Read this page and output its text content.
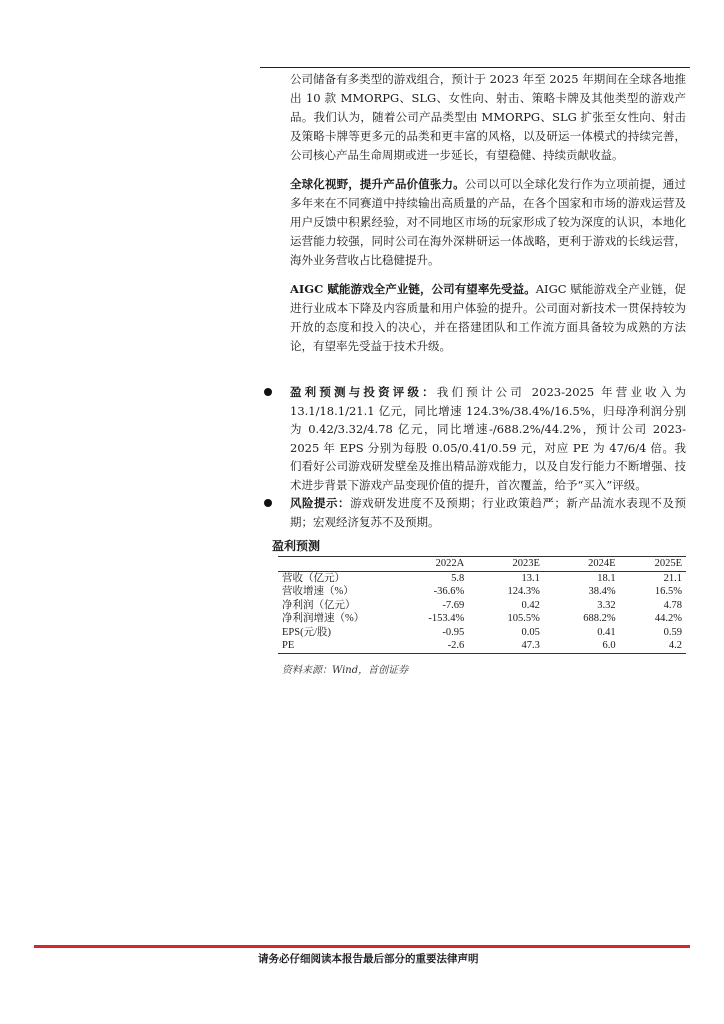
公司储备有多类型的游戏组合，预计于 2023 年至 2025 年期间在全球各地推出 10 款 MMORPG、SLG、女性向、射击、策略卡牌及其他类型的游戏产品。我们认为，随着公司产品类型由 MMORPG、SLG 扩张至女性向、射击及策略卡牌等更多元的品类和更丰富的风格，以及研运一体模式的持续完善，公司核心产品生命周期或进一步延长，有望稳健、持续贡献收益。

全球化视野，提升产品价值张力。公司以可以全球化发行作为立项前提，通过多年来在不同赛道中持续输出高质量的产品，在各个国家和市场的游戏运营及用户反馈中积累经验，对不同地区市场的玩家形成了较为深度的认识，本地化运营能力较强，同时公司在海外深耕研运一体战略，更利于游戏的长线运营，海外业务营收占比稳健提升。

AIGC 赋能游戏全产业链，公司有望率先受益。AIGC 赋能游戏全产业链，促进行业成本下降及内容质量和用户体验的提升。公司面对新技术一贯保持较为开放的态度和投入的决心，并在搭建团队和工作流方面具备较为成熟的方法论，有望率先受益于技术升级。

盈利预测与投资评级：我们预计公司 2023-2025 年营业收入为 13.1/18.1/21.1 亿元，同比增速 124.3%/38.4%/16.5%，归母净利润分别为 0.42/3.32/4.78 亿元，同比增速-/688.2%/44.2%，预计公司 2023-2025 年 EPS 分别为每股 0.05/0.41/0.59 元，对应 PE 为 47/6/4 倍。我们看好公司游戏研发壁垒及推出精品游戏能力，以及自发行能力不断增强、技术进步背景下游戏产品变现价值的提升，首次覆盖，给予“买入”评级。
风险提示：游戏研发进度不及预期；行业政策趋严；新产品流水表现不及预期；宏观经济复苏不及预期。
盈利预测
	2022A	2023E	2024E	2025E
营收（亿元）	5.8	13.1	18.1	21.1
营收增速（%）	-36.6%	124.3%	38.4%	16.5%
净利润（亿元）	-7.69	0.42	3.32	4.78
净利润增速（%）	-153.4%	105.5%	688.2%	44.2%
EPS(元/股)	-0.95	0.05	0.41	0.59
PE	-2.6	47.3	6.0	4.2
资料来源：Wind，首创证券
请务必仔细阅读本报告最后部分的重要法律声明
